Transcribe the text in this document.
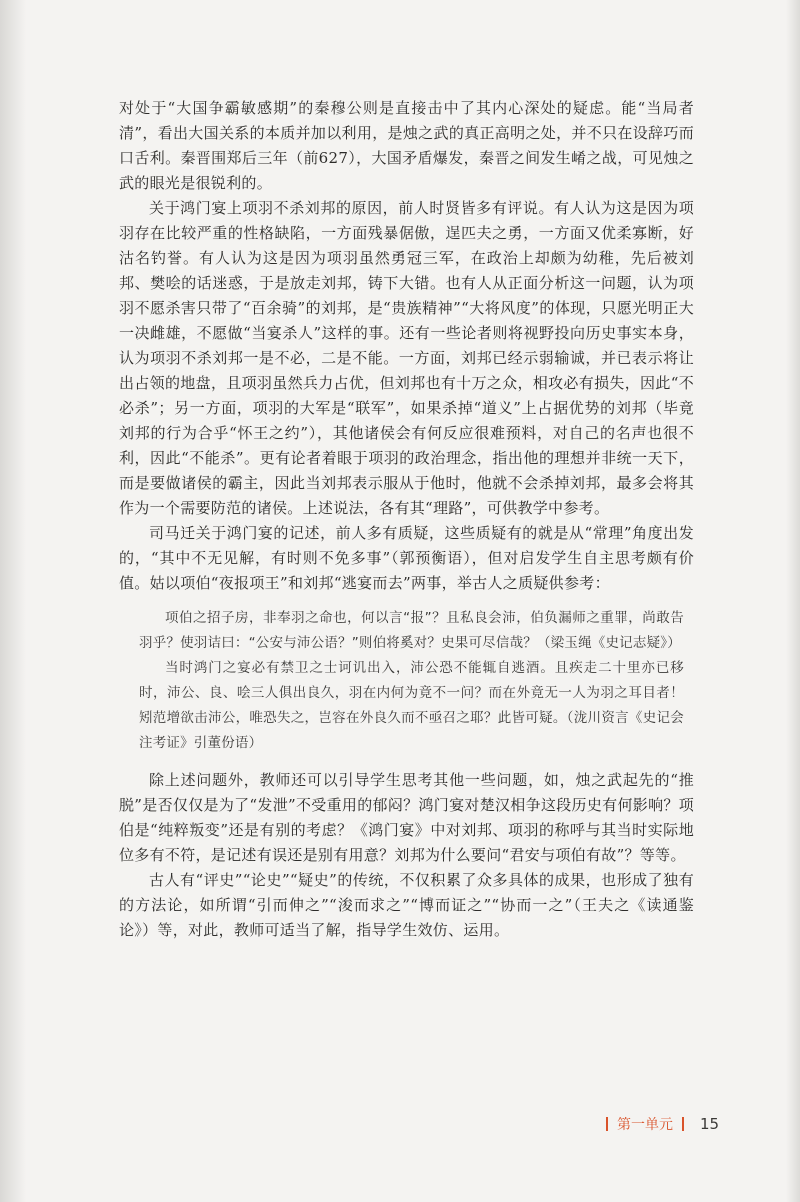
对处于“大国争霸敏感期”的秦穆公则是直接击中了其内心深处的疑虑。能“当局者清”，看出大国关系的本质并加以利用，是烛之武的真正高明之处，并不只在设辞巧而口舌利。秦晋围郑后三年（前627），大国矛盾爆发，秦晋之间发生崤之战，可见烛之武的眼光是很锐利的。

关于鸿门宴上项羽不杀刘邦的原因，前人时贤皆多有评说。有人认为这是因为项羽存在比较严重的性格缺陷，一方面残暴倨傲，逞匹夫之勇，一方面又优柔寡断，好沽名钓誉。有人认为这是因为项羽虽然勇冠三军，在政治上却颇为幼稚，先后被刘邦、樊哙的话迷惑，于是放走刘邦，铸下大错。也有人从正面分析这一问题，认为项羽不愿杀害只带了“百余骑”的刘邦，是“贵族精神”“大将风度”的体现，只愿光明正大一决雌雄，不愿做“当宴杀人”这样的事。还有一些论者则将视野投向历史事实本身，认为项羽不杀刘邦一是不必，二是不能。一方面，刘邦已经示弱输诚，并已表示将让出占领的地盘，且项羽虽然兵力占优，但刘邦也有十万之众，相攻必有损失，因此“不必杀”；另一方面，项羽的大军是“联军”，如果杀掉“道义”上占据优势的刘邦（毕竟刘邦的行为合乎“怀王之约”），其他诸侯会有何反应很难预料，对自己的名声也很不利，因此“不能杀”。更有论者着眼于项羽的政治理念，指出他的理想并非统一天下，而是要做诸侯的霸主，因此当刘邦表示服从于他时，他就不会杀掉刘邦，最多会将其作为一个需要防范的诸侯。上述说法，各有其“理路”，可供教学中参考。

司马迁关于鸿门宴的记述，前人多有质疑，这些质疑有的就是从“常理”角度出发的，“其中不无见解，有时则不免多事”（郭预衡语），但对启发学生自主思考颇有价值。姑以项伯“夜报项王”和刘邦“逃宴而去”两事，举古人之质疑供参考：

项伯之招子房，非奉羽之命也，何以言“报”？且私良会沛，伯负漏师之重罪，尚敢告羽乎？使羽诘曰：“公安与沛公语？”则伯将奚对？史果可尽信哉？（梁玉绳《史记志疑》）

当时鸿门之宴必有禁卫之士诃讥出入，沛公恐不能辄自逃酒。且疾走二十里亦已移时，沛公、良、哙三人俱出良久，羽在内何为竟不一问？而在外竟无一人为羽之耳目者！矧范增欲击沛公，唯恐失之，岂容在外良久而不亟召之耶？此皆可疑。（泷川资言《史记会注考证》引董份语）

除上述问题外，教师还可以引导学生思考其他一些问题，如，烛之武起先的“推脱”是否仅仅是为了“发泄”不受重用的郁闷？鸿门宴对楚汉相争这段历史有何影响？项伯是“纯粹叛变”还是有别的考虑？《鸿门宴》中对刘邦、项羽的称呼与其当时实际地位多有不符，是记述有误还是别有用意？刘邦为什么要问“君安与项伯有故”？等等。

古人有“评史”“论史”“疑史”的传统，不仅积累了众多具体的成果，也形成了独有的方法论，如所谓“引而伸之”“浚而求之”“博而证之”“协而一之”（王夫之《读通鉴论》）等，对此，教师可适当了解，指导学生效仿、运用。

第一单元	15
